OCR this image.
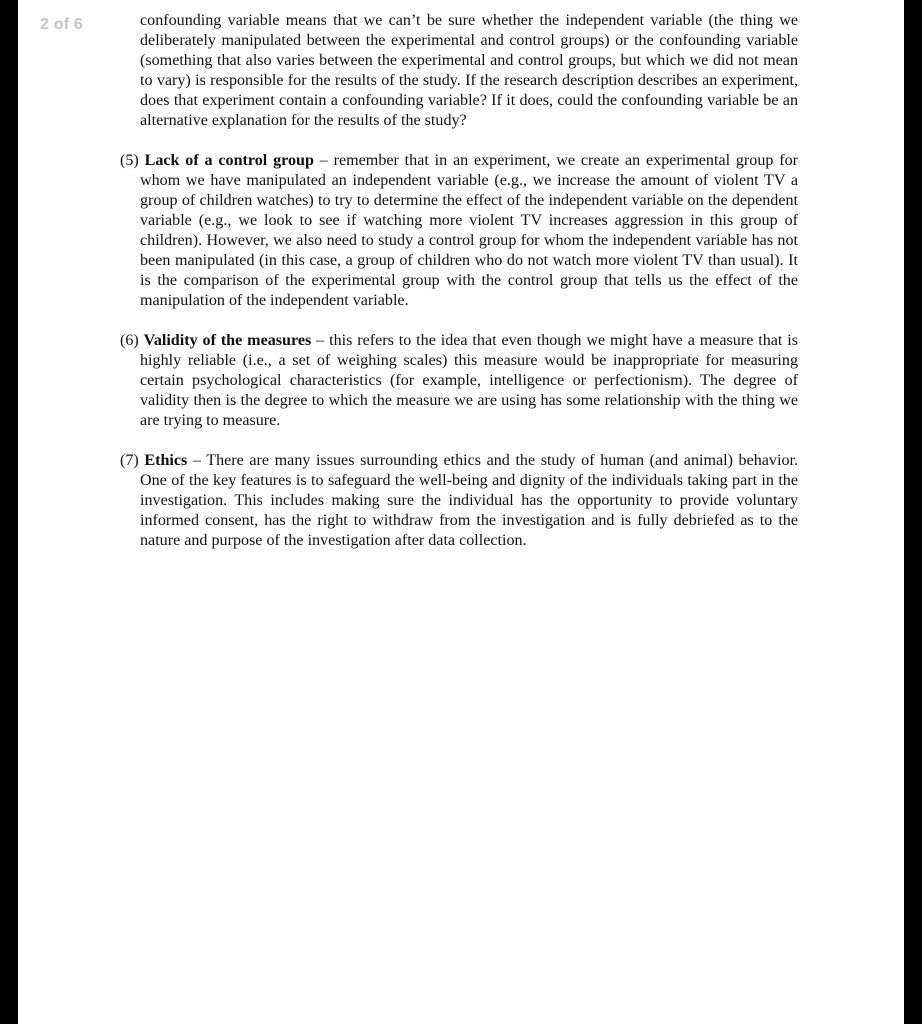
2 of 6	confounding variable means that we can’t be sure whether the independent variable (the thing we deliberately manipulated between the experimental and control groups) or the confounding variable (something that also varies between the experimental and control groups, but which we did not mean to vary) is responsible for the results of the study. If the research description describes an experiment, does that experiment contain a confounding variable? If it does, could the confounding variable be an alternative explanation for the results of the study?

(5) Lack of a control group – remember that in an experiment, we create an experimental group for whom we have manipulated an independent variable (e.g., we increase the amount of violent TV a group of children watches) to try to determine the effect of the independent variable on the dependent variable (e.g., we look to see if watching more violent TV increases aggression in this group of children). However, we also need to study a control group for whom the independent variable has not been manipulated (in this case, a group of children who do not watch more violent TV than usual). It is the comparison of the experimental group with the control group that tells us the effect of the manipulation of the independent variable.

(6) Validity of the measures – this refers to the idea that even though we might have a measure that is highly reliable (i.e., a set of weighing scales) this measure would be inappropriate for measuring certain psychological characteristics (for example, intelligence or perfectionism). The degree of validity then is the degree to which the measure we are using has some relationship with the thing we are trying to measure.

(7) Ethics – There are many issues surrounding ethics and the study of human (and animal) behavior. One of the key features is to safeguard the well-being and dignity of the individuals taking part in the investigation. This includes making sure the individual has the opportunity to provide voluntary informed consent, has the right to withdraw from the investigation and is fully debriefed as to the nature and purpose of the investigation after data collection.
